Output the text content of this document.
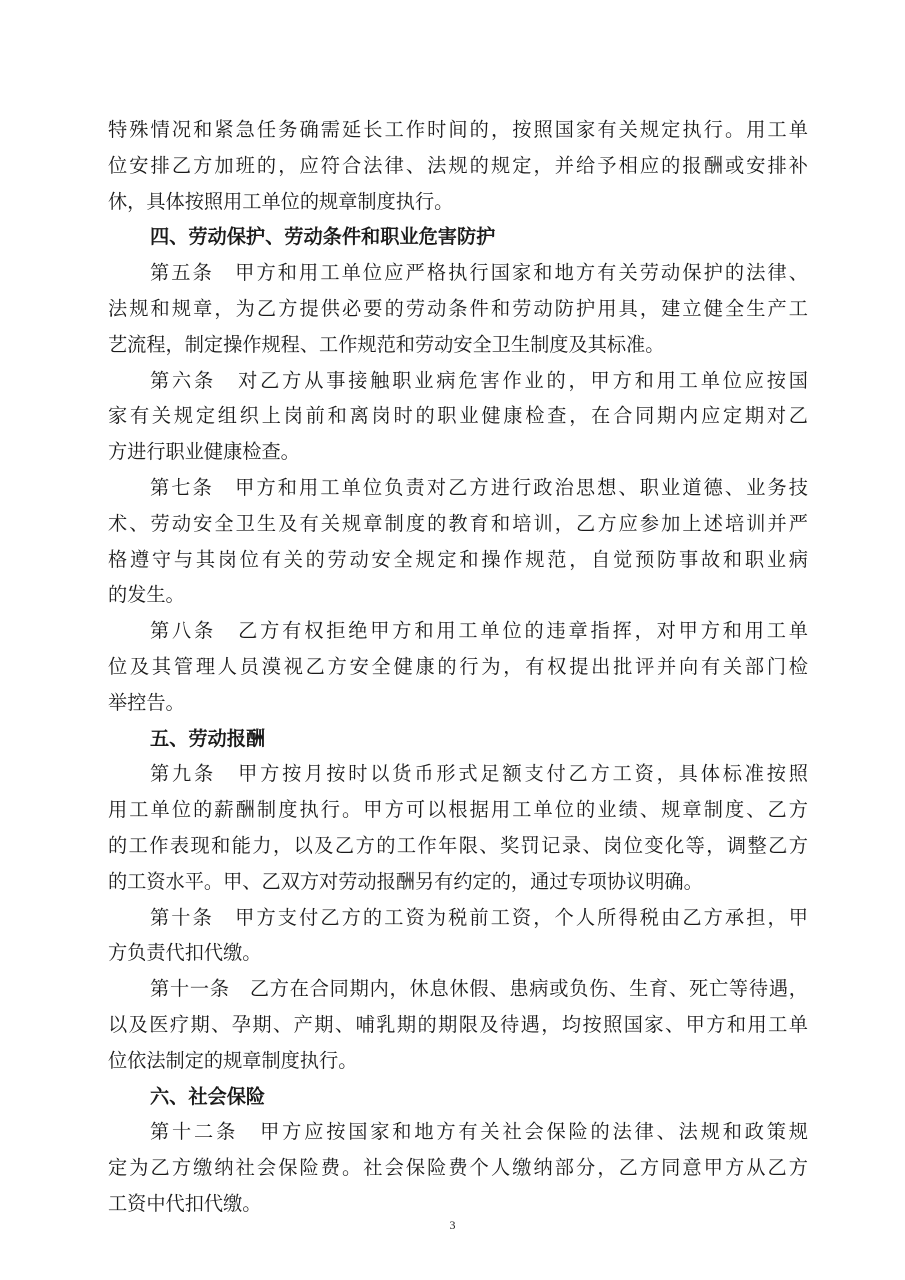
特殊情况和紧急任务确需延长工作时间的，按照国家有关规定执行。用工单
位安排乙方加班的，应符合法律、法规的规定，并给予相应的报酬或安排补
休，具体按照用工单位的规章制度执行。
四、劳动保护、劳动条件和职业危害防护
第五条　甲方和用工单位应严格执行国家和地方有关劳动保护的法律、
法规和规章，为乙方提供必要的劳动条件和劳动防护用具，建立健全生产工
艺流程，制定操作规程、工作规范和劳动安全卫生制度及其标准。
第六条　对乙方从事接触职业病危害作业的，甲方和用工单位应按国
家有关规定组织上岗前和离岗时的职业健康检查，在合同期内应定期对乙
方进行职业健康检查。
第七条　甲方和用工单位负责对乙方进行政治思想、职业道德、业务技
术、劳动安全卫生及有关规章制度的教育和培训，乙方应参加上述培训并严
格遵守与其岗位有关的劳动安全规定和操作规范，自觉预防事故和职业病
的发生。
第八条　乙方有权拒绝甲方和用工单位的违章指挥，对甲方和用工单
位及其管理人员漠视乙方安全健康的行为，有权提出批评并向有关部门检
举控告。
五、劳动报酬
第九条　甲方按月按时以货币形式足额支付乙方工资，具体标准按照
用工单位的薪酬制度执行。甲方可以根据用工单位的业绩、规章制度、乙方
的工作表现和能力，以及乙方的工作年限、奖罚记录、岗位变化等，调整乙方
的工资水平。甲、乙双方对劳动报酬另有约定的，通过专项协议明确。
第十条　甲方支付乙方的工资为税前工资，个人所得税由乙方承担，甲
方负责代扣代缴。
第十一条　乙方在合同期内，休息休假、患病或负伤、生育、死亡等待遇，
以及医疗期、孕期、产期、哺乳期的期限及待遇，均按照国家、甲方和用工单
位依法制定的规章制度执行。
六、社会保险
第十二条　甲方应按国家和地方有关社会保险的法律、法规和政策规
定为乙方缴纳社会保险费。社会保险费个人缴纳部分，乙方同意甲方从乙方
工资中代扣代缴。
3
